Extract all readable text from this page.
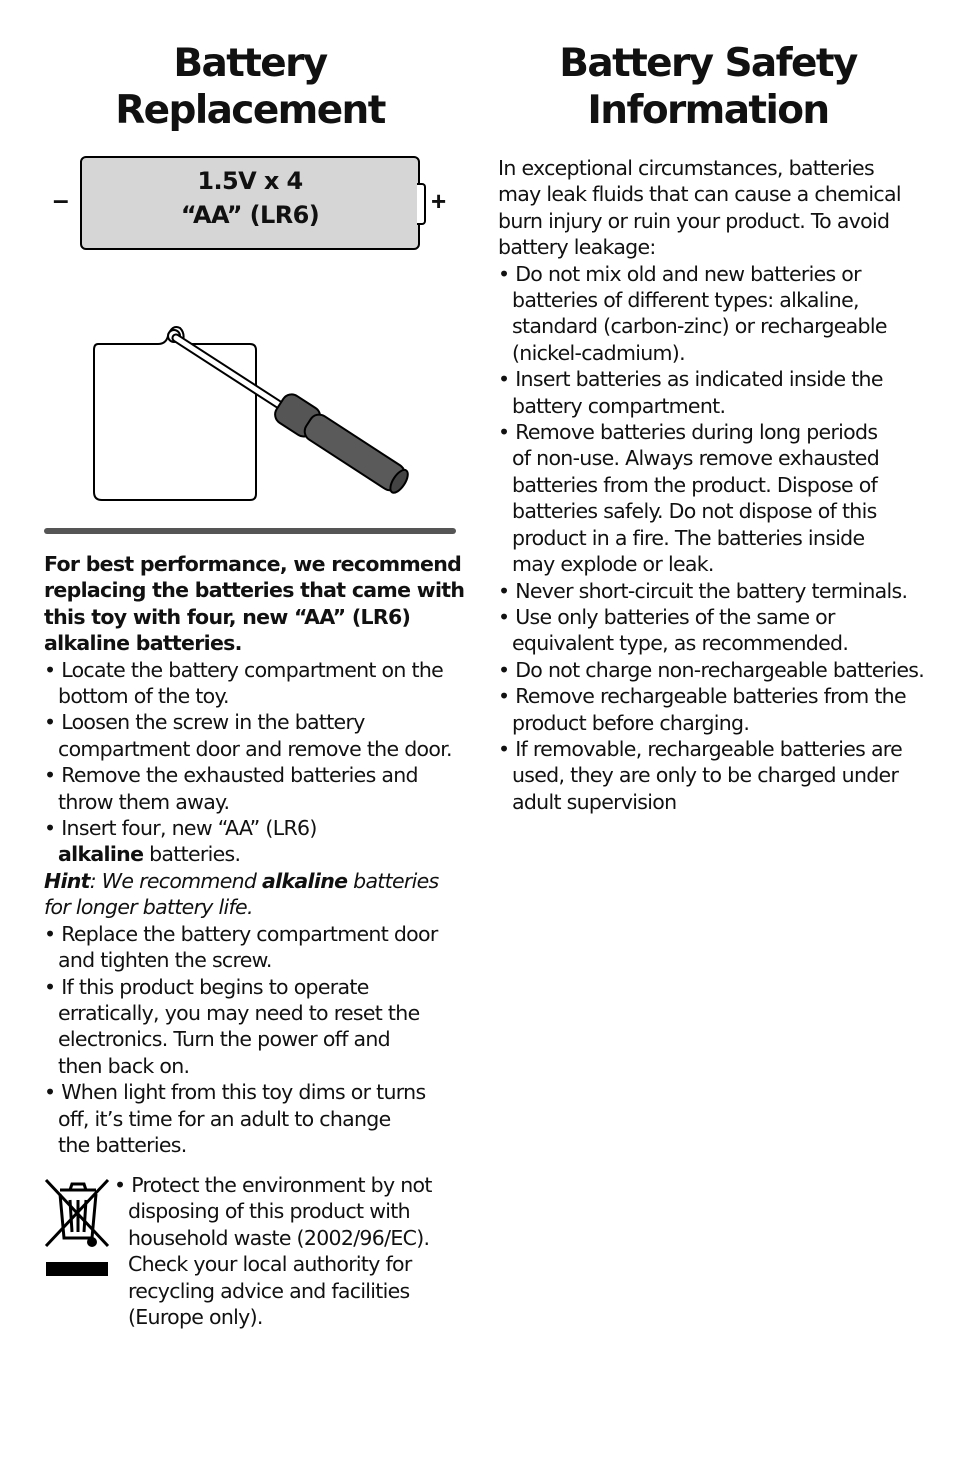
Battery
Replacement
–
1.5V x 4
“AA” (LR6)	+
For best performance, we recommend
replacing the batteries that came with
this toy with four, new “AA” (LR6)
alkaline batteries.
• Locate the battery compartment on the
bottom of the toy.
• Loosen the screw in the battery
compartment door and remove the door.
• Remove the exhausted batteries and
throw them away.
• Insert four, new “AA” (LR6)
alkaline batteries.
Hint: We recommend alkaline batteries
for longer battery life.
• Replace the battery compartment door
and tighten the screw.
• If this product begins to operate
erratically, you may need to reset the
electronics. Turn the power off and
then back on.
• When light from this toy dims or turns
off, it’s time for an adult to change
the batteries.
• Protect the environment by not
disposing of this product with
household waste (2002/96/EC).
Check your local authority for
recycling advice and facilities
(Europe only).
Battery Safety
Information
In exceptional circumstances, batteries
may leak fluids that can cause a chemical
burn injury or ruin your product. To avoid
battery leakage:
• Do not mix old and new batteries or
batteries of different types: alkaline,
standard (carbon-zinc) or rechargeable
(nickel-cadmium).
• Insert batteries as indicated inside the
battery compartment.
• Remove batteries during long periods
of non-use. Always remove exhausted
batteries from the product. Dispose of
batteries safely. Do not dispose of this
product in a fire. The batteries inside
may explode or leak.
• Never short-circuit the battery terminals.
• Use only batteries of the same or
equivalent type, as recommended.
• Do not charge non-rechargeable batteries.
• Remove rechargeable batteries from the
product before charging.
• If removable, rechargeable batteries are
used, they are only to be charged under
adult supervision
